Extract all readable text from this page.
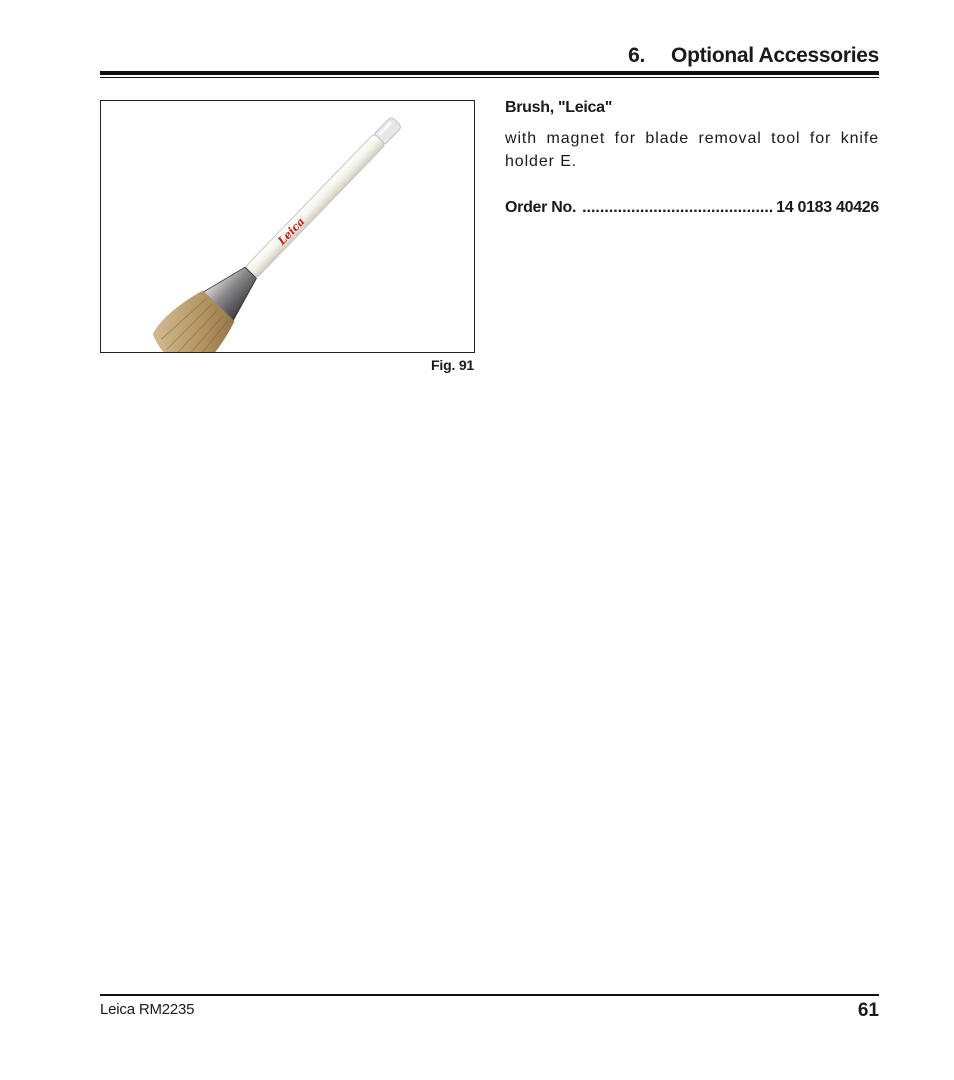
6. Optional Accessories
Leica
Fig. 91
Brush, "Leica"
with magnet for blade removal tool for knife holder E.
Order No.
.....	14 0183 40426
Leica RM2235	61
